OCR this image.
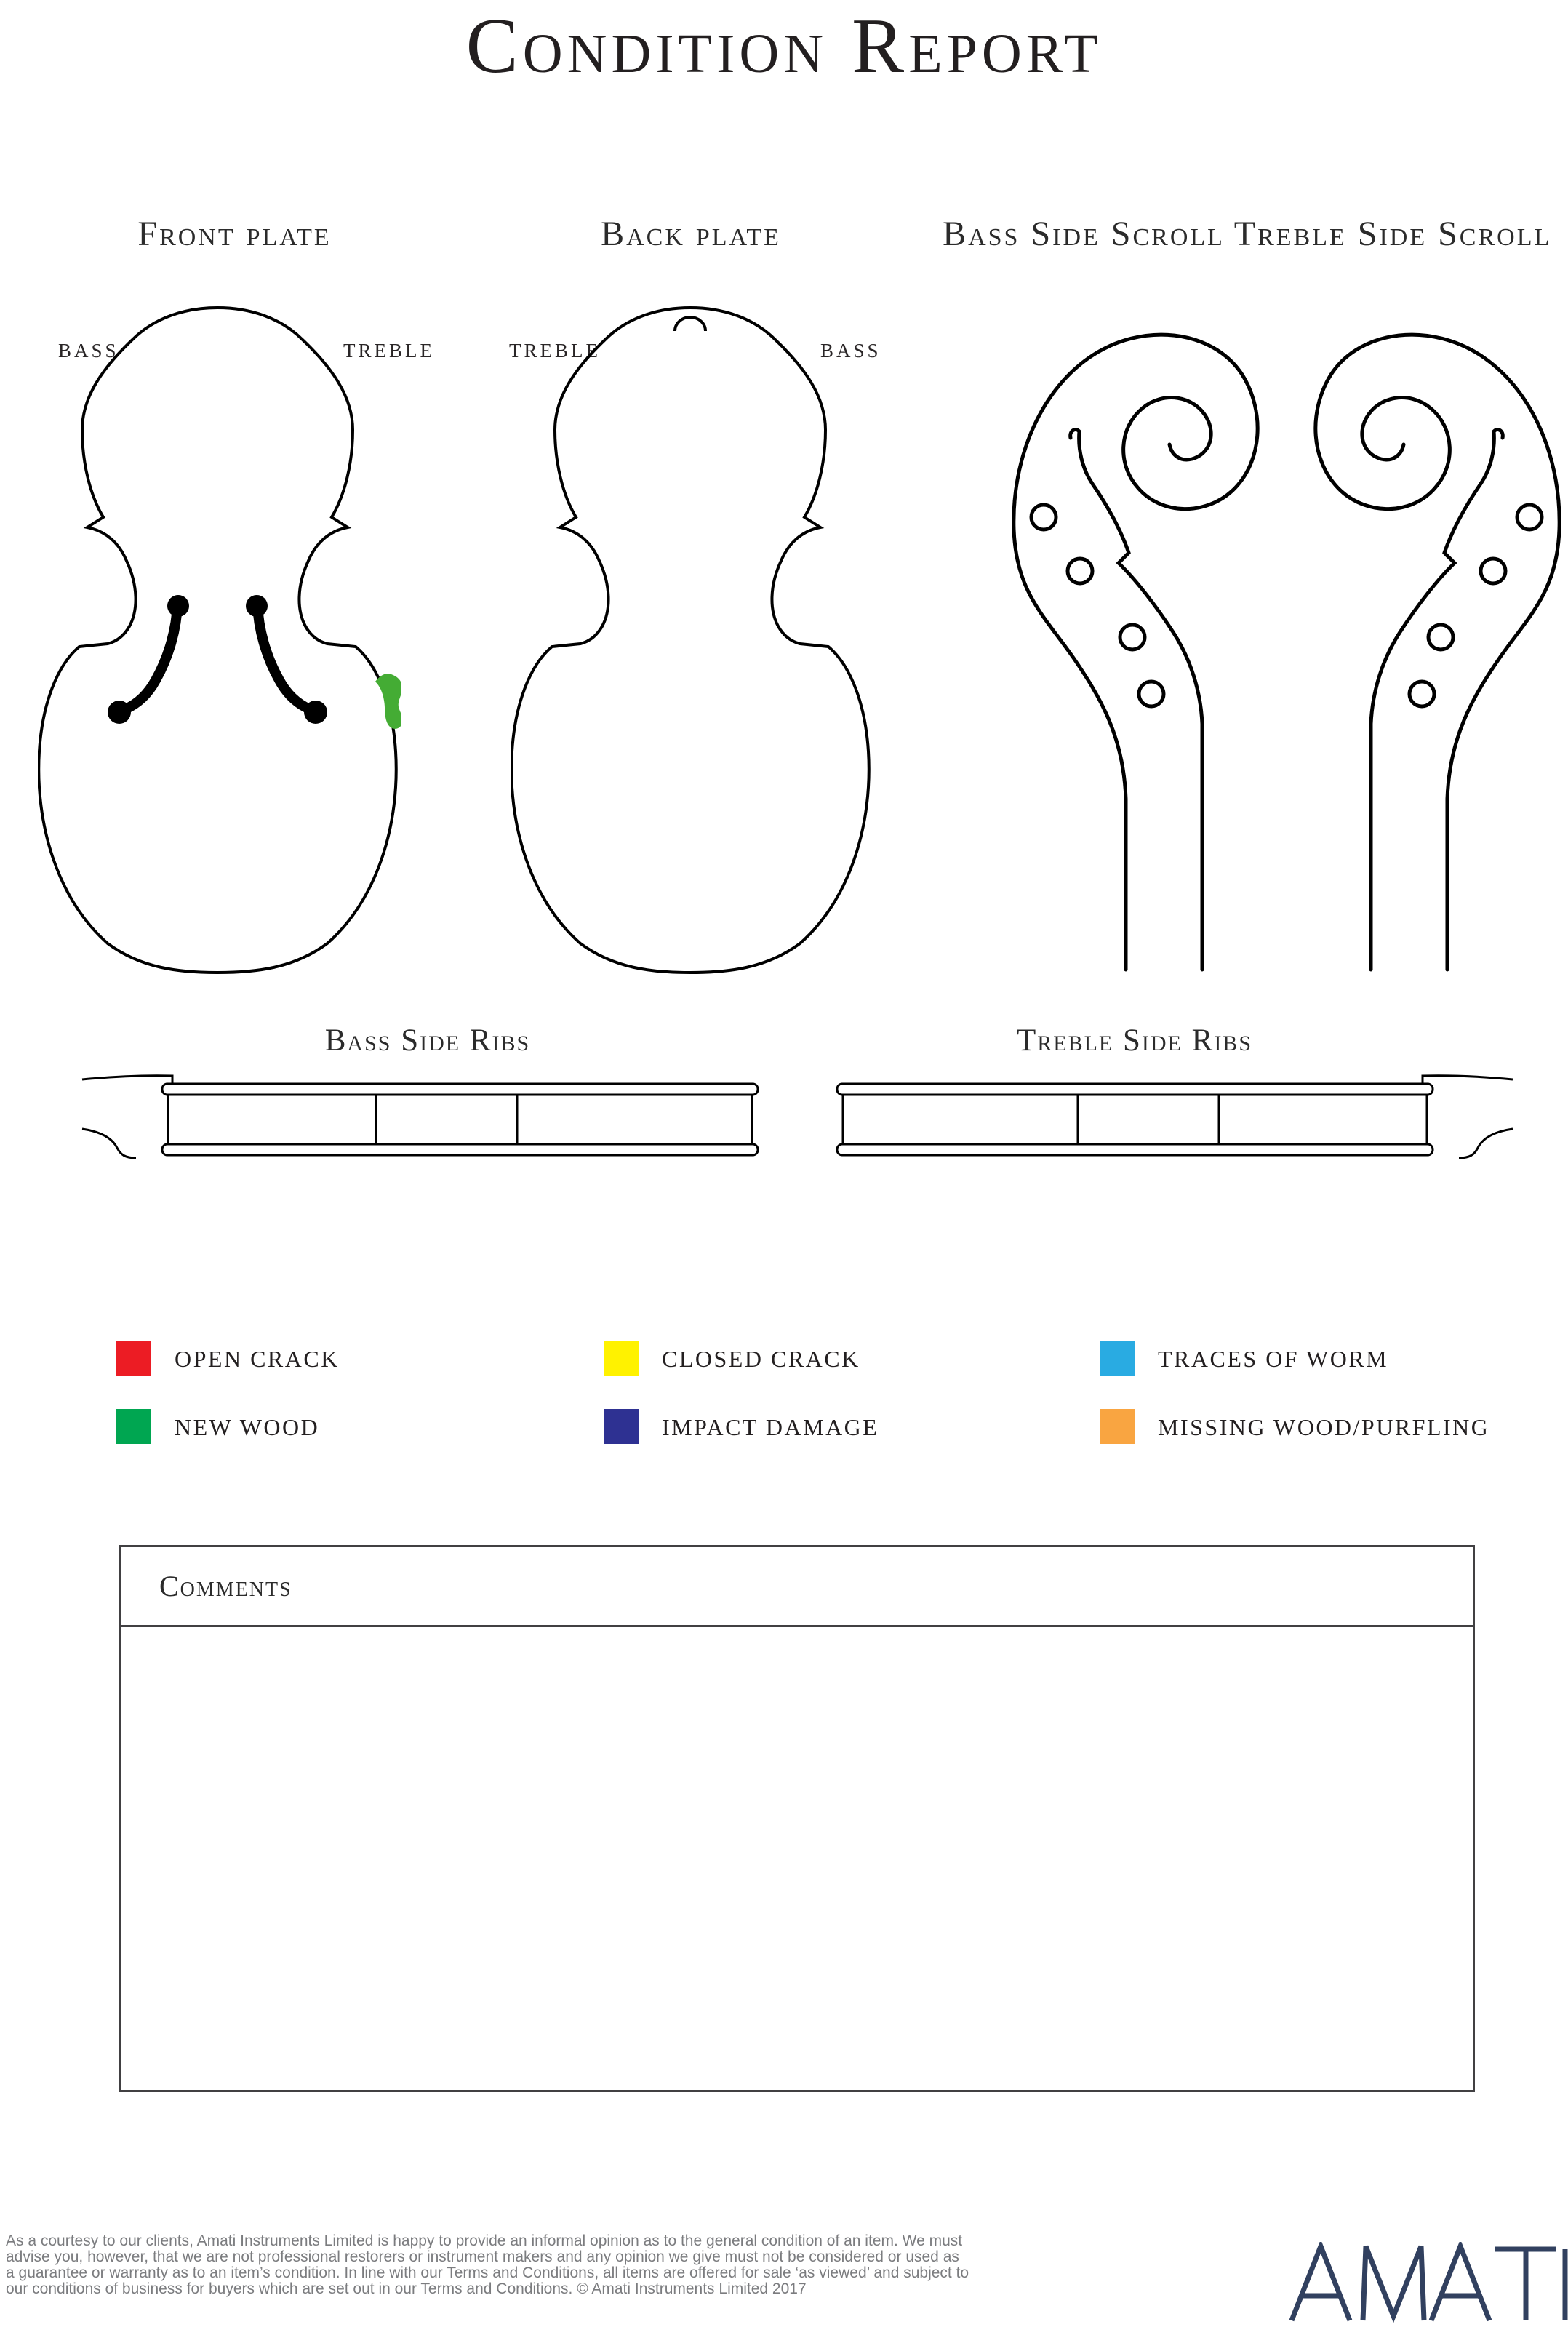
Condition Report
Front plate	Back plate	Bass Side Scroll Treble Side Scroll
BASS	TREBLE	TREBLE	BASS
Bass Side Ribs	Treble Side Ribs
OPEN CRACK	CLOSED CRACK	TRACES OF WORM
NEW WOOD	IMPACT DAMAGE	MISSING WOOD/PURFLING
Comments
As a courtesy to our clients, Amati Instruments Limited is happy to provide an informal opinion as to the general condition of an item. We must
advise you, however, that we are not professional restorers or instrument makers and any opinion we give must not be considered or used as
a guarantee or warranty as to an item’s condition. In line with our Terms and Conditions, all items are offered for sale ‘as viewed’ and subject to
our conditions of business for buyers which are set out in our Terms and Conditions. © Amati Instruments Limited 2017
